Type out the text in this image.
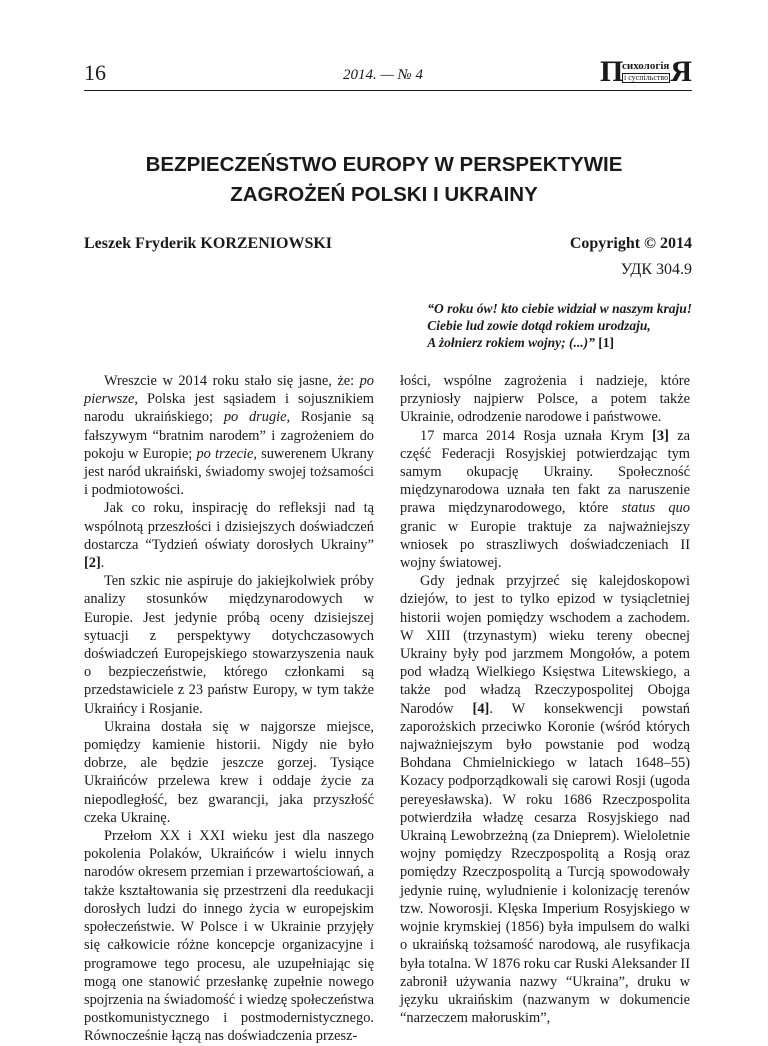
16	2014. — № 4	П
сихологія
і суспільство Я
BEZPIECZEŃSTWO EUROPY W PERSPEKTYWIE
ZAGROŻEŃ POLSKI I UKRAINY
Leszek Fryderik KORZENIOWSKI	Copyright © 2014
УДК 304.9
“O roku ów! kto ciebie widział w naszym kraju!
Ciebie lud zowie dotąd rokiem urodzaju,
A żołnierz rokiem wojny; (...)” [1]

Wreszcie w 2014 roku stało się jasne, że: po pierwsze, Polska jest sąsiadem i sojusznikiem narodu ukraińskiego; po drugie, Rosjanie są fałszywym “bratnim narodem” i zagrożeniem do pokoju w Europie; po trzecie, suwerenem Ukrany jest naród ukraiński, świadomy swojej tożsamości i podmiotowości.

Jak co roku, inspirację do refleksji nad tą wspólnotą przeszłości i dzisiejszych doświadczeń dostarcza “Tydzień oświaty dorosłych Ukrainy” [2].

Ten szkic nie aspiruje do jakiejkolwiek próby analizy stosunków międzynarodowych w Europie. Jest jedynie próbą oceny dzisiejszej sytuacji z perspektywy dotychczasowych doświadczeń Europejskiego stowarzyszenia nauk o bezpieczeństwie, którego członkami są przedstawiciele z 23 państw Europy, w tym także Ukraińcy i Rosjanie.

Ukraina dostała się w najgorsze miejsce, pomiędzy kamienie historii. Nigdy nie było dobrze, ale będzie jeszcze gorzej. Tysiące Ukraińców przelewa krew i oddaje życie za niepodległość, bez gwarancji, jaka przyszłość czeka Ukrainę.

Przełom XX i XXI wieku jest dla naszego pokolenia Polaków, Ukraińców i wielu innych narodów okresem przemian i przewartościowań, a także kształtowania się przestrzeni dla reedukacji dorosłych ludzi do innego życia w europejskim społeczeństwie. W Polsce i w Ukrainie przyjęły się całkowicie różne koncepcje organizacyjne i programowe tego procesu, ale uzupełniając się mogą one stanowić przesłankę zupełnie nowego spojrzenia na świadomość i wiedzę społeczeństwa postkomunistycznego i postmodernistycznego. Równocześnie łączą nas doświadczenia przesz-

łości, wspólne zagrożenia i nadzieje, które przyniosły najpierw Polsce, a potem także Ukrainie, odrodzenie narodowe i państwowe.

17 marca 2014 Rosja uznała Krym [3] za część Federacji Rosyjskiej potwierdzając tym samym okupację Ukrainy. Społeczność międzynarodowa uznała ten fakt za naruszenie prawa międzynarodowego, które status quo granic w Europie traktuje za najważniejszy wniosek po straszliwych doświadczeniach II wojny światowej.

Gdy jednak przyjrzeć się kalejdoskopowi dziejów, to jest to tylko epizod w tysiącletniej historii wojen pomiędzy wschodem a zachodem. W XIII (trzynastym) wieku tereny obecnej Ukrainy były pod jarzmem Mongołów, a potem pod władzą Wielkiego Księstwa Litewskiego, a także pod władzą Rzeczypospolitej Obojga Narodów [4]. W konsekwencji powstań zaporożskich przeciwko Koronie (wśród których najważniejszym było powstanie pod wodzą Bohdana Chmielnickiego w latach 1648–55) Kozacy podporządkowali się carowi Rosji (ugoda pereyesławska). W roku 1686 Rzeczpospolita potwierdziła władzę cesarza Rosyjskiego nad Ukrainą Lewobrzeżną (za Dnieprem). Wieloletnie wojny pomiędzy Rzeczpospolitą a Rosją oraz pomiędzy Rzeczpospolitą a Turcją spowodowały jedynie ruinę, wyludnienie i kolonizację terenów tzw. Noworosji. Klęska Imperium Rosyjskiego w wojnie krymskiej (1856) była impulsem do walki o ukraińską tożsamość narodową, ale rusyfikacja była totalna. W 1876 roku car Ruski Aleksander II zabronił używania nazwy “Ukraina”, druku w języku ukraińskim (nazwanym w dokumencie “narzeczem małoruskim”,
